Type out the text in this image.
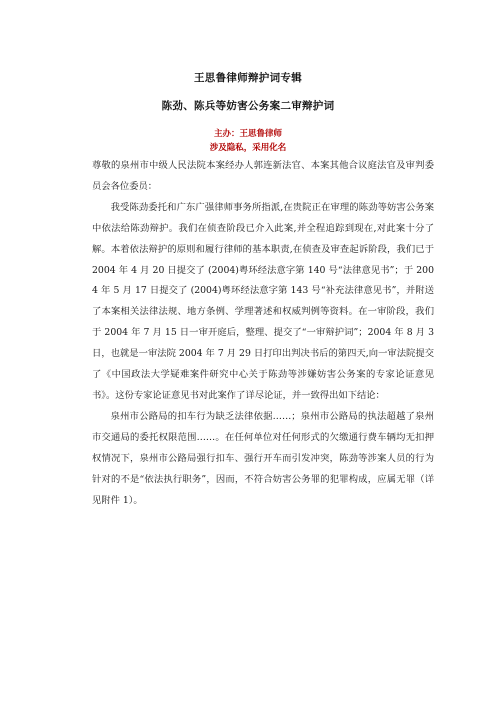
王思鲁律师辩护词专辑
陈劲、陈兵等妨害公务案二审辩护词
主办：王思鲁律师
涉及隐私，采用化名

尊敬的泉州市中级人民法院本案经办人郭连新法官、本案其他合议庭法官及审判委员会各位委员：

我受陈劲委托和广东广强律师事务所指派,在贵院正在审理的陈劲等妨害公务案中依法给陈劲辩护。我们在侦查阶段已介入此案,并全程追踪到现在,对此案十分了解。本着依法辩护的原则和履行律师的基本职责,在侦查及审查起诉阶段，我们已于 2004 年 4 月 20 日提交了 (2004)粤环经法意字第 140 号“法律意见书”；于 2004 年 5 月 17 日提交了 (2004)粤环经法意字第 143 号“补充法律意见书”，并附送了本案相关法律法规、地方条例、学理著述和权威判例等资料。在一审阶段，我们于 2004 年 7 月 15 日一审开庭后，整理、提交了“一审辩护词”；2004 年 8 月 3 日，也就是一审法院 2004 年 7 月 29 日打印出判决书后的第四天,向一审法院提交了《中国政法大学疑难案件研究中心关于陈劲等涉嫌妨害公务案的专家论证意见书》。这份专家论证意见书对此案作了详尽论证，并一致得出如下结论：

泉州市公路局的扣车行为缺乏法律依据……；泉州市公路局的执法超越了泉州市交通局的委托权限范围……。在任何单位对任何形式的欠缴通行费车辆均无扣押权情况下，泉州市公路局强行扣车、强行开车而引发冲突，陈劲等涉案人员的行为针对的不是“依法执行职务”，因而，不符合妨害公务罪的犯罪构成，应属无罪（详见附件 1）。
